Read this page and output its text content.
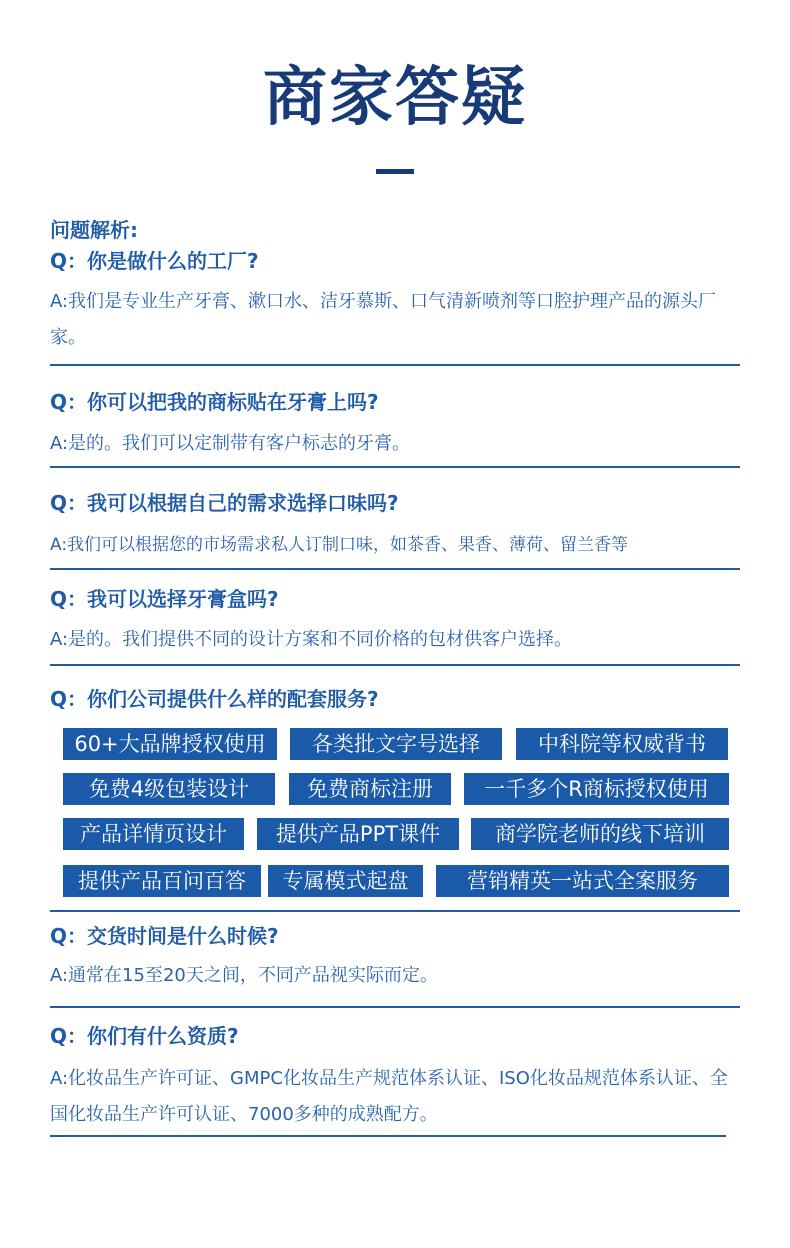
商家答疑
问题解析:
Q：你是做什么的工厂?
A:我们是专业生产牙膏、漱口水、洁牙慕斯、口气清新喷剂等口腔护理产品的源头厂家。
Q：你可以把我的商标贴在牙膏上吗?
A:是的。我们可以定制带有客户标志的牙膏。
Q：我可以根据自己的需求选择口味吗?
A:我们可以根据您的市场需求私人订制口味，如茶香、果香、薄荷、留兰香等
Q：我可以选择牙膏盒吗?
A:是的。我们提供不同的设计方案和不同价格的包材供客户选择。
Q：你们公司提供什么样的配套服务?
60+大品牌授权使用	各类批文字号选择	中科院等权威背书
免费4级包装设计	免费商标注册	一千多个R商标授权使用
产品详情页设计	提供产品PPT课件	商学院老师的线下培训
提供产品百问百答	专属模式起盘	营销精英一站式全案服务
Q：交货时间是什么时候?
A:通常在15至20天之间，不同产品视实际而定。
Q：你们有什么资质?
A:化妆品生产许可证、GMPC化妆品生产规范体系认证、ISO化妆品规范体系认证、全国化妆品生产许可认证、7000多种的成熟配方。
